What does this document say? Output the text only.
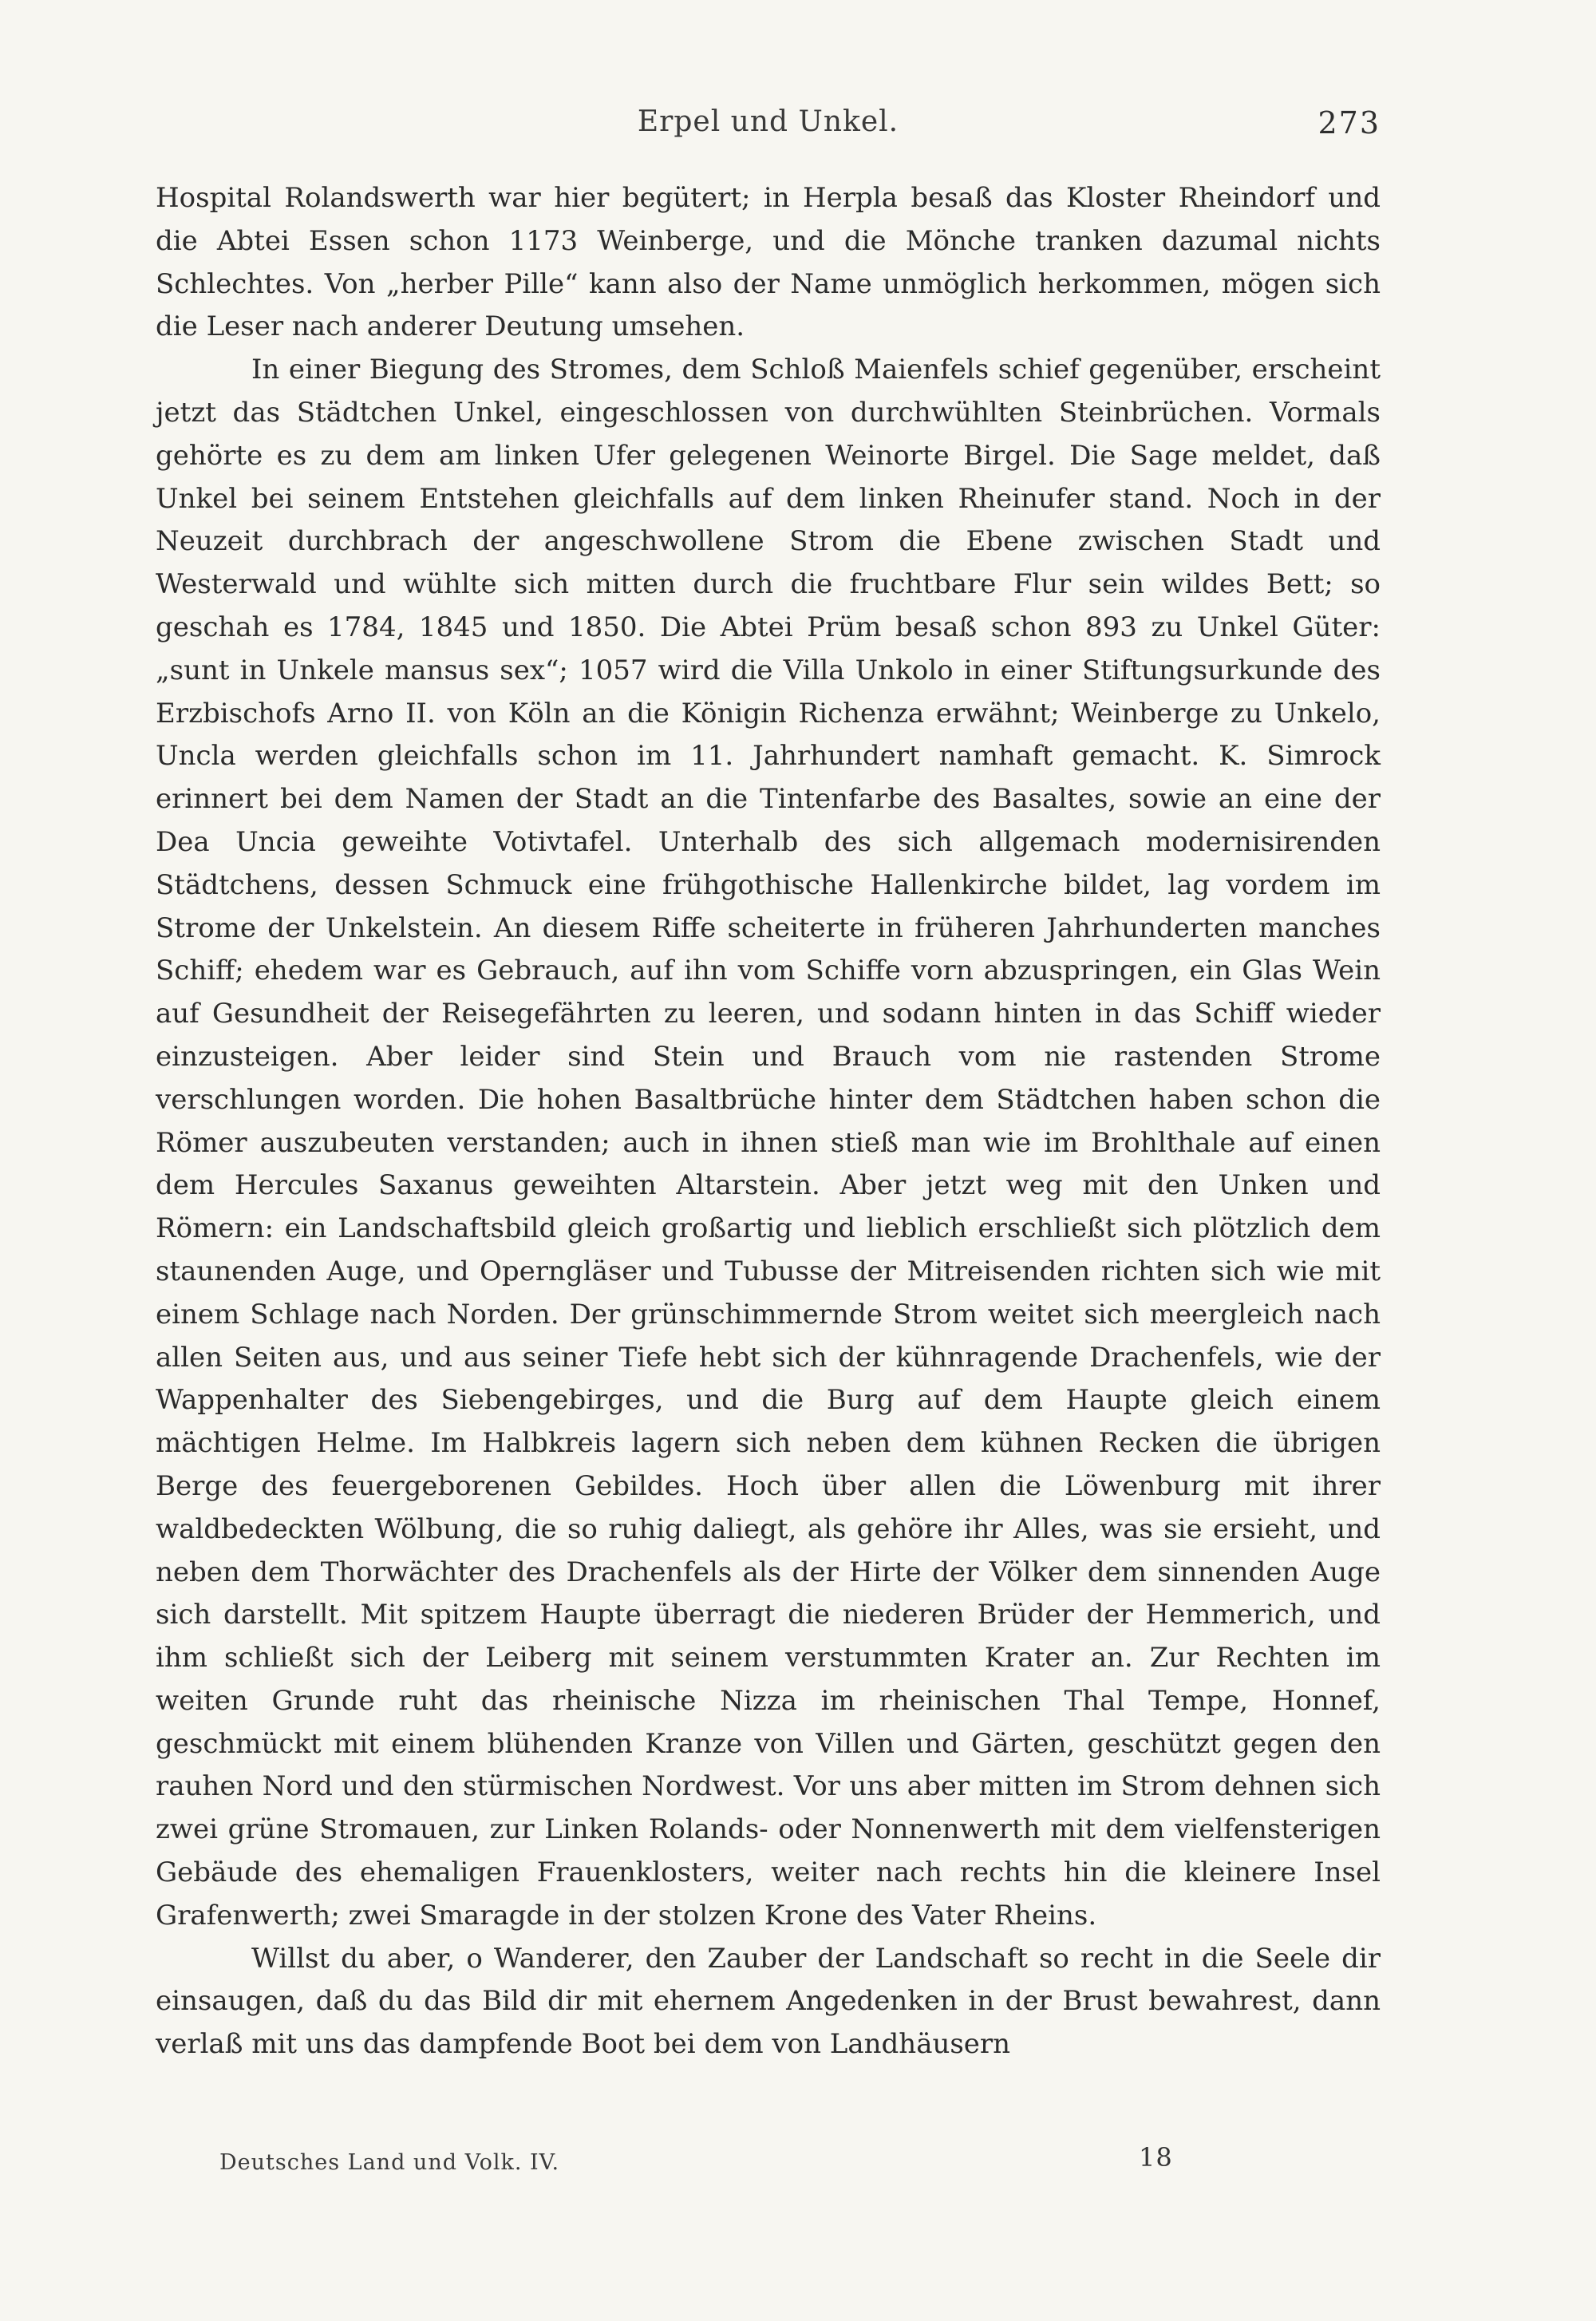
Erpel und Unkel.	273

Hospital Rolandswerth war hier begütert; in Herpla besaß das Kloster Rheindorf und die Abtei Essen schon 1173 Weinberge, und die Mönche tranken dazumal nichts Schlechtes. Von „herber Pille“ kann also der Name unmöglich herkommen, mögen sich die Leser nach anderer Deutung umsehen.

In einer Biegung des Stromes, dem Schloß Maienfels schief gegenüber, erscheint jetzt das Städtchen Unkel, eingeschlossen von durchwühlten Steinbrüchen. Vormals gehörte es zu dem am linken Ufer gelegenen Weinorte Birgel. Die Sage meldet, daß Unkel bei seinem Entstehen gleichfalls auf dem linken Rheinufer stand. Noch in der Neuzeit durchbrach der angeschwollene Strom die Ebene zwischen Stadt und Westerwald und wühlte sich mitten durch die fruchtbare Flur sein wildes Bett; so geschah es 1784, 1845 und 1850. Die Abtei Prüm besaß schon 893 zu Unkel Güter: „sunt in Unkele mansus sex“; 1057 wird die Villa Unkolo in einer Stiftungsurkunde des Erzbischofs Arno II. von Köln an die Königin Richenza erwähnt; Weinberge zu Unkelo, Uncla werden gleichfalls schon im 11. Jahrhundert namhaft gemacht. K. Simrock erinnert bei dem Namen der Stadt an die Tintenfarbe des Basaltes, sowie an eine der Dea Uncia geweihte Votivtafel. Unterhalb des sich allgemach modernisirenden Städtchens, dessen Schmuck eine frühgothische Hallenkirche bildet, lag vordem im Strome der Unkelstein. An diesem Riffe scheiterte in früheren Jahrhunderten manches Schiff; ehedem war es Gebrauch, auf ihn vom Schiffe vorn abzuspringen, ein Glas Wein auf Gesundheit der Reisegefährten zu leeren, und sodann hinten in das Schiff wieder einzusteigen. Aber leider sind Stein und Brauch vom nie rastenden Strome verschlungen worden. Die hohen Basaltbrüche hinter dem Städtchen haben schon die Römer auszubeuten verstanden; auch in ihnen stieß man wie im Brohlthale auf einen dem Hercules Saxanus geweihten Altarstein. Aber jetzt weg mit den Unken und Römern: ein Landschaftsbild gleich großartig und lieblich erschließt sich plötzlich dem staunenden Auge, und Operngläser und Tubusse der Mitreisenden richten sich wie mit einem Schlage nach Norden. Der grünschimmernde Strom weitet sich meergleich nach allen Seiten aus, und aus seiner Tiefe hebt sich der kühnragende Drachenfels, wie der Wappenhalter des Siebengebirges, und die Burg auf dem Haupte gleich einem mächtigen Helme. Im Halbkreis lagern sich neben dem kühnen Recken die übrigen Berge des feuergeborenen Gebildes. Hoch über allen die Löwenburg mit ihrer waldbedeckten Wölbung, die so ruhig daliegt, als gehöre ihr Alles, was sie ersieht, und neben dem Thorwächter des Drachenfels als der Hirte der Völker dem sinnenden Auge sich darstellt. Mit spitzem Haupte überragt die niederen Brüder der Hemmerich, und ihm schließt sich der Leiberg mit seinem verstummten Krater an. Zur Rechten im weiten Grunde ruht das rheinische Nizza im rheinischen Thal Tempe, Honnef, geschmückt mit einem blühenden Kranze von Villen und Gärten, geschützt gegen den rauhen Nord und den stürmischen Nordwest. Vor uns aber mitten im Strom dehnen sich zwei grüne Stromauen, zur Linken Rolands- oder Nonnenwerth mit dem vielfensterigen Gebäude des ehemaligen Frauenklosters, weiter nach rechts hin die kleinere Insel Grafenwerth; zwei Smaragde in der stolzen Krone des Vater Rheins.

Willst du aber, o Wanderer, den Zauber der Landschaft so recht in die Seele dir einsaugen, daß du das Bild dir mit ehernem Angedenken in der Brust bewahrest, dann verlaß mit uns das dampfende Boot bei dem von Landhäusern

Deutsches Land und Volk. IV.	18
